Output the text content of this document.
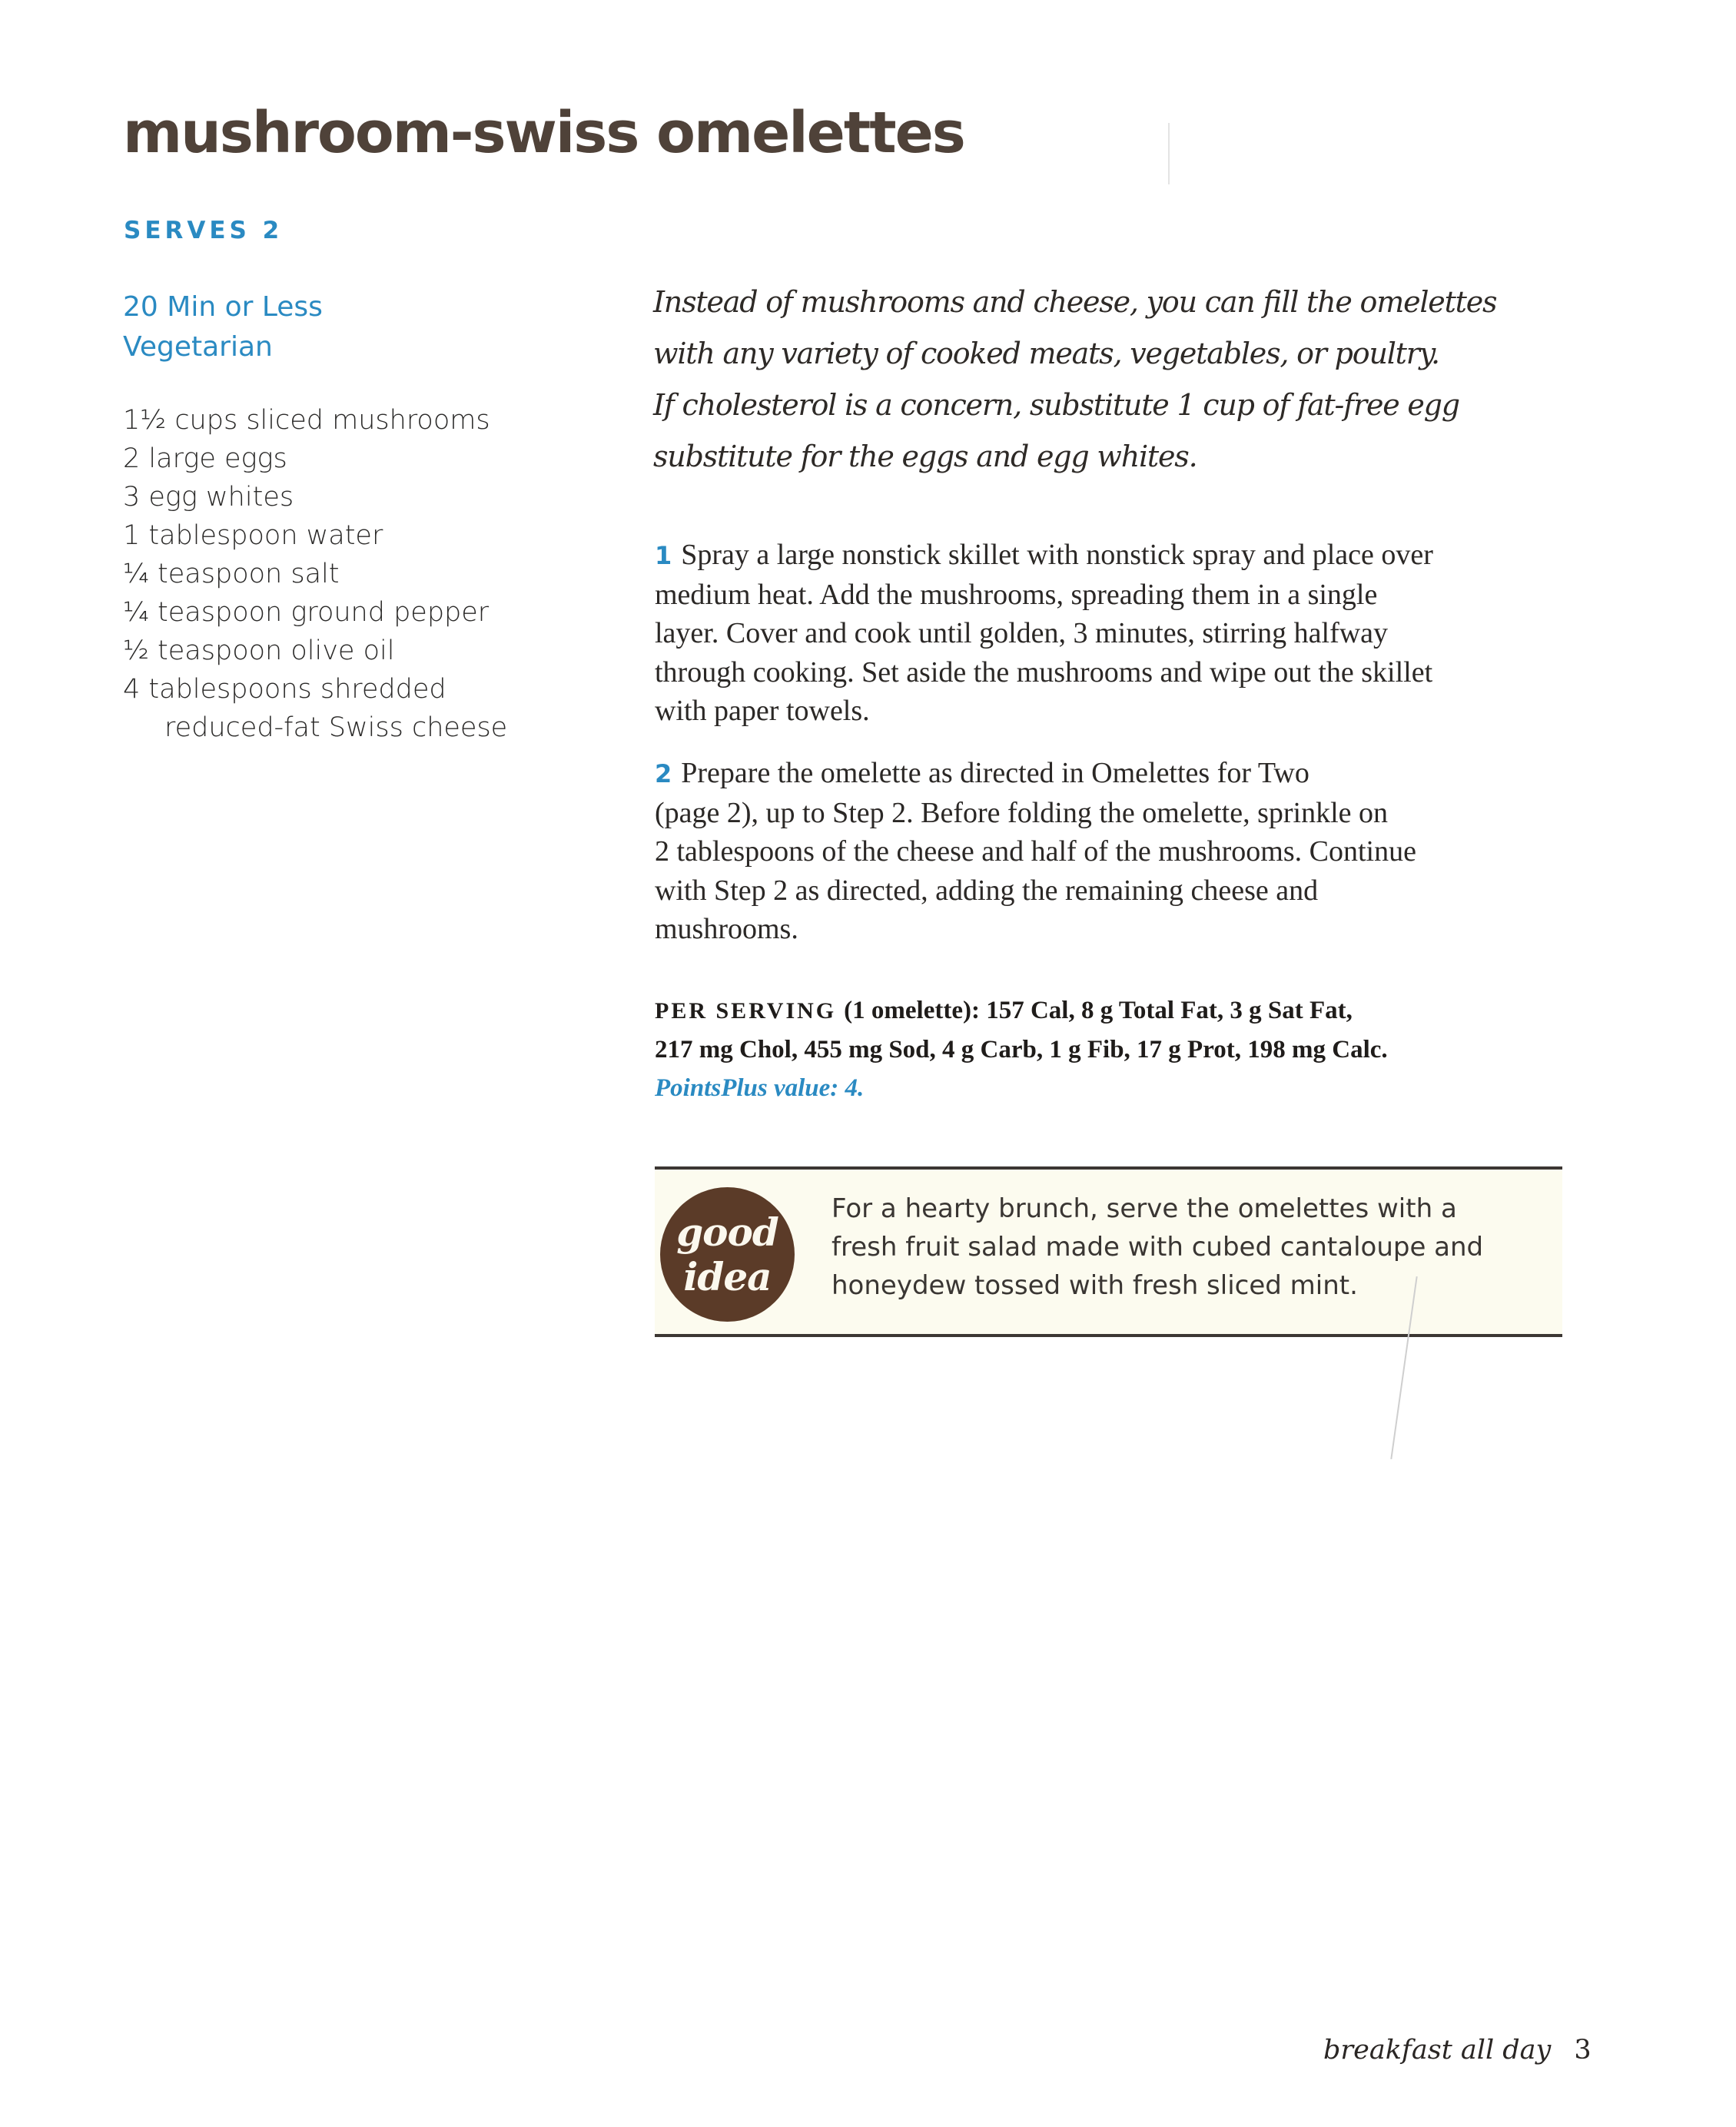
mushroom-swiss omelettes
SERVES 2
20 Min or Less
Vegetarian
1½ cups sliced mushrooms
2 large eggs
3 egg whites
1 tablespoon water
¼ teaspoon salt
¼ teaspoon ground pepper
½ teaspoon olive oil
4 tablespoons shredded
reduced-fat Swiss cheese
Instead of mushrooms and cheese, you can fill the omelettes
with any variety of cooked meats, vegetables, or poultry.
If cholesterol is a concern, substitute 1 cup of fat-free egg
substitute for the eggs and egg whites.
1 Spray a large nonstick skillet with nonstick spray and place over
medium heat. Add the mushrooms, spreading them in a single
layer. Cover and cook until golden, 3 minutes, stirring halfway
through cooking. Set aside the mushrooms and wipe out the skillet
with paper towels.
2 Prepare the omelette as directed in Omelettes for Two
(page 2), up to Step 2. Before folding the omelette, sprinkle on
2 tablespoons of the cheese and half of the mushrooms. Continue
with Step 2 as directed, adding the remaining cheese and
mushrooms.
PER SERVING (1 omelette): 157 Cal, 8 g Total Fat, 3 g Sat Fat,
217 mg Chol, 455 mg Sod, 4 g Carb, 1 g Fib, 17 g Prot, 198 mg Calc.
PointsPlus value: 4.
good
idea
For a hearty brunch, serve the omelettes with a
fresh fruit salad made with cubed cantaloupe and
honeydew tossed with fresh sliced mint.
breakfast all day 3
